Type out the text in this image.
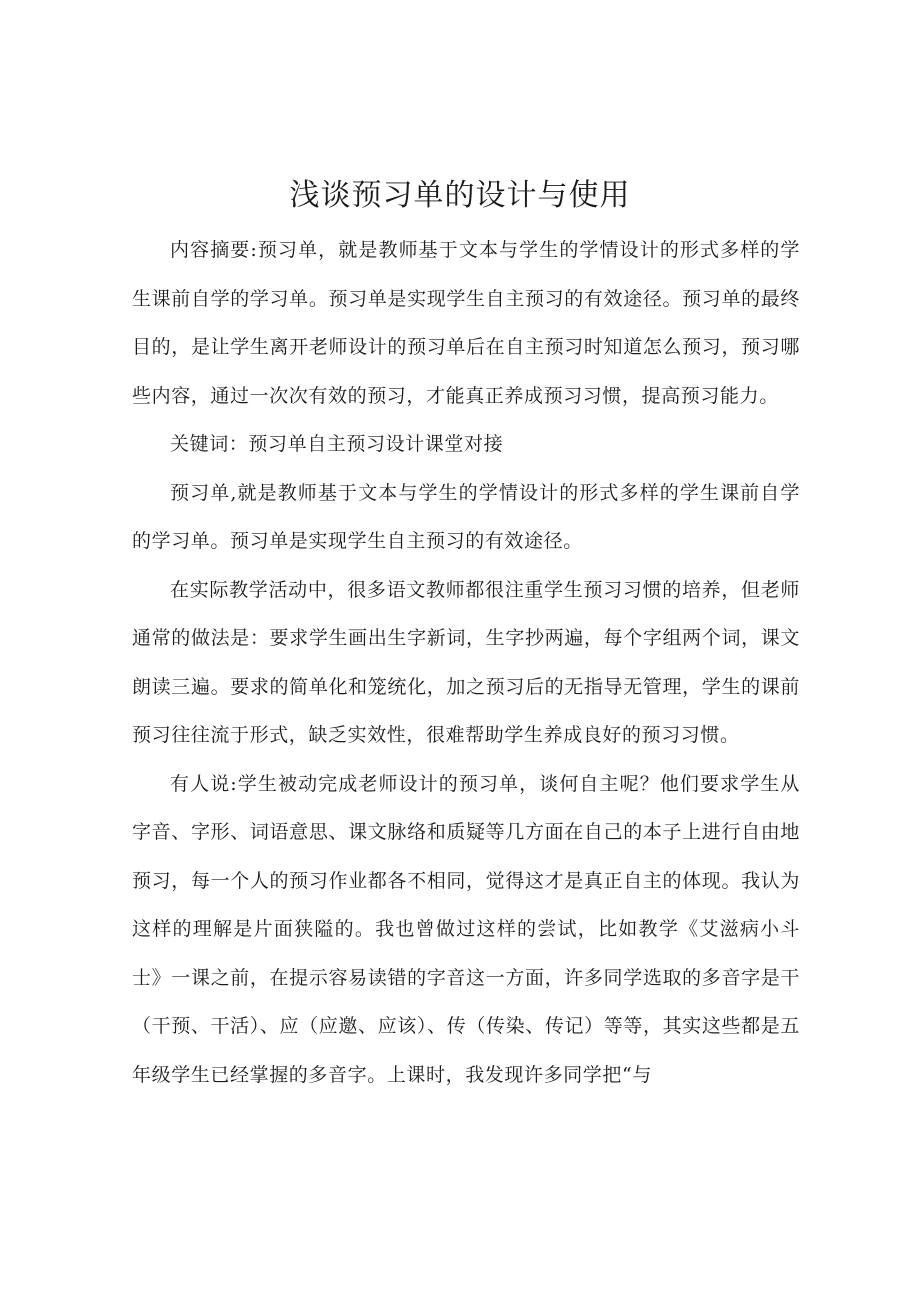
浅谈预习单的设计与使用

内容摘要:预习单，就是教师基于文本与学生的学情设计的形式多样的学生课前自学的学习单。预习单是实现学生自主预习的有效途径。预习单的最终目的，是让学生离开老师设计的预习单后在自主预习时知道怎么预习，预习哪些内容，通过一次次有效的预习，才能真正养成预习习惯，提高预习能力。

关键词：预习单自主预习设计课堂对接

预习单,就是教师基于文本与学生的学情设计的形式多样的学生课前自学的学习单。预习单是实现学生自主预习的有效途径。

在实际教学活动中，很多语文教师都很注重学生预习习惯的培养，但老师通常的做法是：要求学生画出生字新词，生字抄两遍，每个字组两个词，课文朗读三遍。要求的简单化和笼统化，加之预习后的无指导无管理，学生的课前预习往往流于形式，缺乏实效性，很难帮助学生养成良好的预习习惯。

有人说:学生被动完成老师设计的预习单，谈何自主呢？他们要求学生从字音、字形、词语意思、课文脉络和质疑等几方面在自己的本子上进行自由地预习，每一个人的预习作业都各不相同，觉得这才是真正自主的体现。我认为这样的理解是片面狭隘的。我也曾做过这样的尝试，比如教学《艾滋病小斗士》一课之前，在提示容易读错的字音这一方面，许多同学选取的多音字是干（干预、干活）、应（应邀、应该）、传（传染、传记）等等，其实这些都是五年级学生已经掌握的多音字。上课时，我发现许多同学把“与
